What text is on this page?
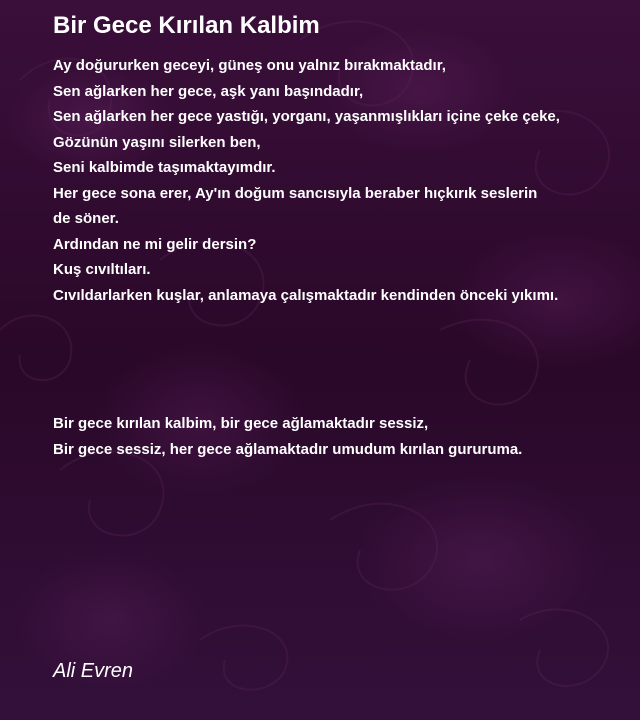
Bir Gece Kırılan Kalbim
Ay doğururken geceyi, güneş onu yalnız bırakmaktadır,
Sen ağlarken her gece, aşk yanı başındadır,
Sen ağlarken her gece yastığı, yorganı, yaşanmışlıkları içine çeke çeke,
Gözünün yaşını silerken ben,
Seni kalbimde taşımaktayımdır.
Her gece sona erer, Ay'ın doğum sancısıyla beraber hıçkırık seslerin
de söner.
Ardından ne mi gelir dersin?
Kuş cıvıltıları.
Cıvıldarlarken kuşlar, anlamaya çalışmaktadır kendinden önceki yıkımı.
Bir gece kırılan kalbim, bir gece ağlamaktadır sessiz,
Bir gece sessiz, her gece ağlamaktadır umudum kırılan gururuma.
Ali Evren
